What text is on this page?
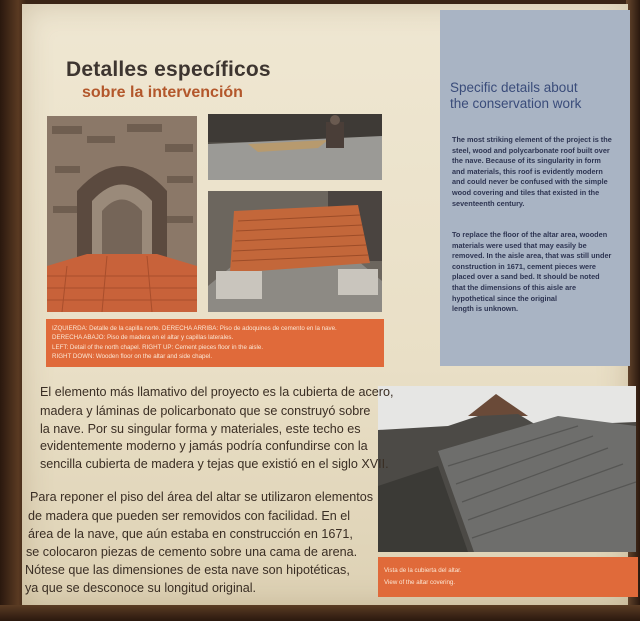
Detalles específicos
sobre la intervención	Specific details about
the conservation work

The most striking element of the project is the
steel, wood and polycarbonate roof built over
the nave. Because of its singularity in form
and materials, this roof is evidently modern
and could never be confused with the simple
wood covering and tiles that existed in the
seventeenth century.

To replace the floor of the altar area, wooden
materials were used that may easily be
removed. In the aisle area, that was still under
construction in 1671, cement pieces were
placed over a sand bed. It should be noted
that the dimensions of this aisle are
hypothetical since the original
length is unknown.

IZQUIERDA: Detalle de la capilla norte. DERECHA ARRIBA: Piso de adoquines de cemento en la nave.

DERECHA ABAJO: Piso de madera en el altar y capillas laterales.

LEFT: Detail of the north chapel. RIGHT UP: Cement pieces floor in the aisle.

RIGHT DOWN: Wooden floor on the altar and side chapel.

Vista de la cubierta del altar.

View of the altar covering.

El elemento más llamativo del proyecto es la cubierta de acero,

madera y láminas de policarbonato que se construyó sobre

la nave. Por su singular forma y materiales, este techo es

evidentemente moderno y jamás podría confundirse con la

sencilla cubierta de madera y tejas que existió en el siglo XVII.

Para reponer el piso del área del altar se utilizaron elementos

de madera que pueden ser removidos con facilidad. En el

área de la nave, que aún estaba en construcción en 1671,

se colocaron piezas de cemento sobre una cama de arena.

Nótese que las dimensiones de esta nave son hipotéticas,

ya que se desconoce su longitud original.
